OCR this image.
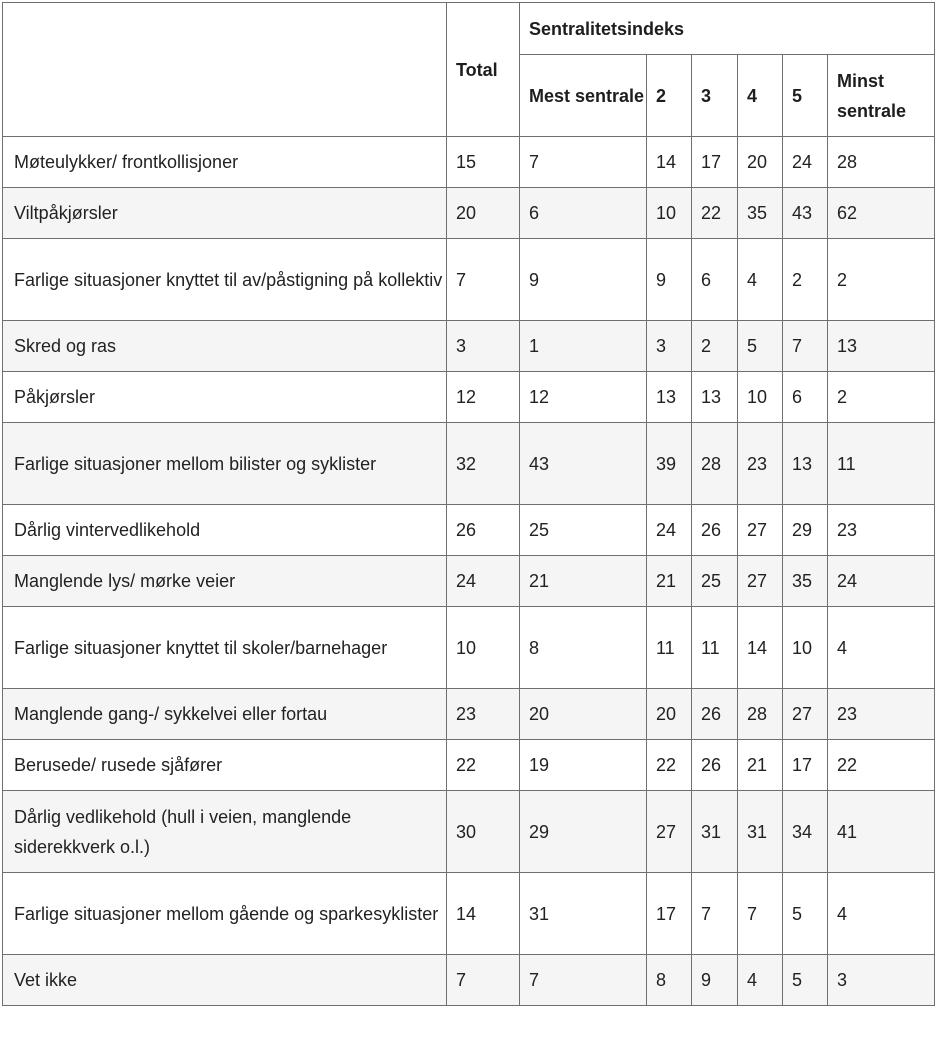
	Total	Sentralitetsindeks					
		Mest sentrale	2	3	4	5	Minst sentrale
Møteulykker/ frontkollisjoner	15	7	14	17	20	24	28
Viltpåkjørsler	20	6	10	22	35	43	62
Farlige situasjoner knyttet til av/påstigning på kollektiv	7	9	9	6	4	2	2
Skred og ras	3	1	3	2	5	7	13
Påkjørsler	12	12	13	13	10	6	2
Farlige situasjoner mellom bilister og syklister	32	43	39	28	23	13	11
Dårlig vintervedlikehold	26	25	24	26	27	29	23
Manglende lys/ mørke veier	24	21	21	25	27	35	24
Farlige situasjoner knyttet til skoler/barnehager	10	8	11	11	14	10	4
Manglende gang-/ sykkelvei eller fortau	23	20	20	26	28	27	23
Berusede/ rusede sjåfører	22	19	22	26	21	17	22
Dårlig vedlikehold (hull i veien, manglende siderekkverk o.l.)	30	29	27	31	31	34	41
Farlige situasjoner mellom gående og sparkesyklister	14	31	17	7	7	5	4
Vet ikke	7	7	8	9	4	5	3
